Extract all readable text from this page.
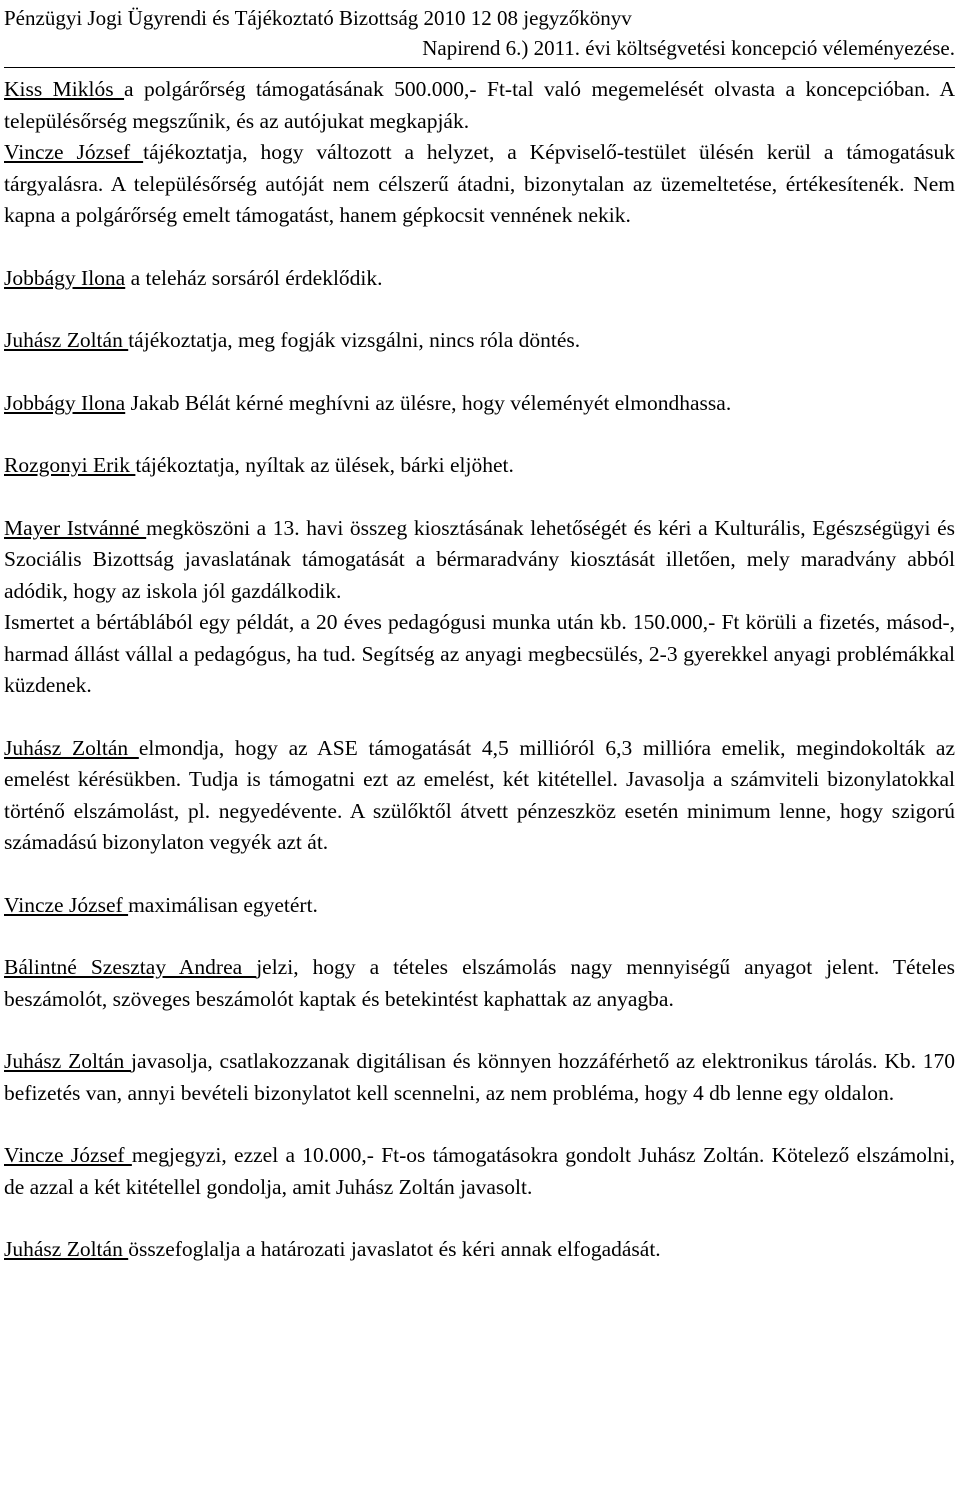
Pénzügyi Jogi Ügyrendi és Tájékoztató Bizottság 2010 12 08 jegyzőkönyv
Napirend 6.) 2011. évi költségvetési koncepció véleményezése.

Kiss Miklós a polgárőrség támogatásának 500.000,- Ft-tal való megemelését olvasta a koncepcióban. A településőrség megszűnik, és az autójukat megkapják.

Vincze József tájékoztatja, hogy változott a helyzet, a Képviselő-testület ülésén kerül a támogatásuk tárgyalásra. A településőrség autóját nem célszerű átadni, bizonytalan az üzemeltetése, értékesítenék. Nem kapna a polgárőrség emelt támogatást, hanem gépkocsit vennének nekik.

Jobbágy Ilona a teleház sorsáról érdeklődik.

Juhász Zoltán tájékoztatja, meg fogják vizsgálni, nincs róla döntés.

Jobbágy Ilona Jakab Bélát kérné meghívni az ülésre, hogy véleményét elmondhassa.

Rozgonyi Erik tájékoztatja, nyíltak az ülések, bárki eljöhet.

Mayer Istvánné megköszöni a 13. havi összeg kiosztásának lehetőségét és kéri a Kulturális, Egészségügyi és Szociális Bizottság javaslatának támogatását a bérmaradvány kiosztását illetően, mely maradvány abból adódik, hogy az iskola jól gazdálkodik.

Ismertet a bértáblából egy példát, a 20 éves pedagógusi munka után kb. 150.000,- Ft körüli a fizetés, másod-, harmad állást vállal a pedagógus, ha tud. Segítség az anyagi megbecsülés, 2-3 gyerekkel anyagi problémákkal küzdenek.

Juhász Zoltán elmondja, hogy az ASE támogatását 4,5 millióról 6,3 millióra emelik, megindokolták az emelést kérésükben. Tudja is támogatni ezt az emelést, két kitétellel. Javasolja a számviteli bizonylatokkal történő elszámolást, pl. negyedévente. A szülőktől átvett pénzeszköz esetén minimum lenne, hogy szigorú számadású bizonylaton vegyék azt át.

Vincze József maximálisan egyetért.

Bálintné Szesztay Andrea jelzi, hogy a tételes elszámolás nagy mennyiségű anyagot jelent. Tételes beszámolót, szöveges beszámolót kaptak és betekintést kaphattak az anyagba.

Juhász Zoltán javasolja, csatlakozzanak digitálisan és könnyen hozzáférhető az elektronikus tárolás. Kb. 170 befizetés van, annyi bevételi bizonylatot kell scennelni, az nem probléma, hogy 4 db lenne egy oldalon.

Vincze József megjegyzi, ezzel a 10.000,- Ft-os támogatásokra gondolt Juhász Zoltán. Kötelező elszámolni, de azzal a két kitétellel gondolja, amit Juhász Zoltán javasolt.

Juhász Zoltán összefoglalja a határozati javaslatot és kéri annak elfogadását.
